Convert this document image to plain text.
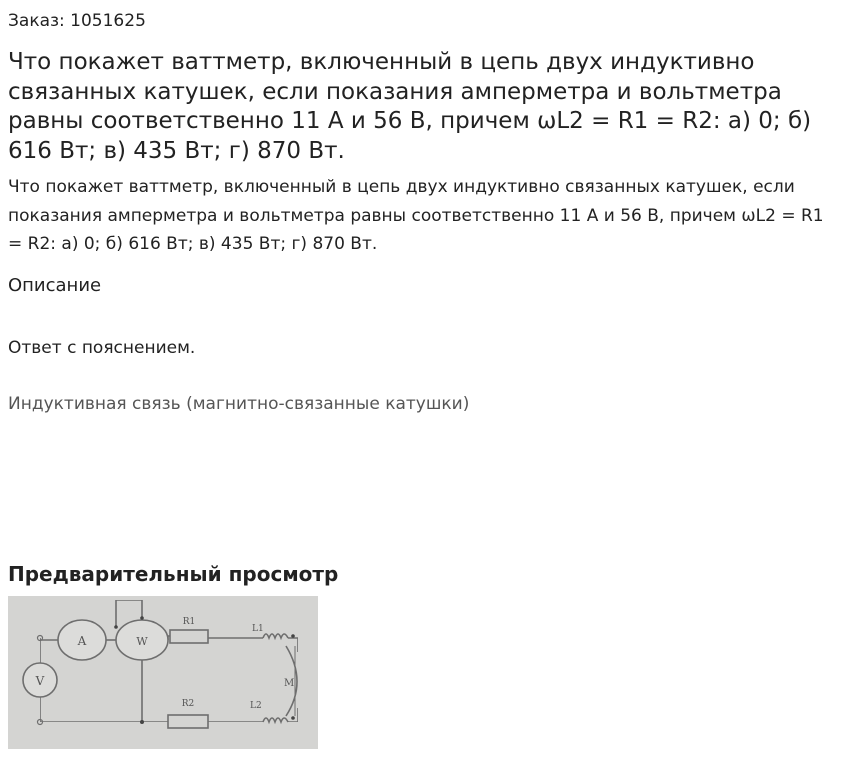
Заказ: 1051625
Что покажет ваттметр, включенный в цепь двух индуктивно связанных катушек, если показания амперметра и вольтметра равны соответственно 11 А и 56 В, причем ωL2 = R1 = R2: а) 0; б) 616 Вт; в) 435 Вт; г) 870 Вт.

Что покажет ваттметр, включенный в цепь двух индуктивно связанных катушек, если показания амперметра и вольтметра равны соответственно 11 А и 56 В, причем ωL2 = R1 = R2: а) 0; б) 616 Вт; в) 435 Вт; г) 870 Вт.

Описание
Ответ с пояснением.
Индуктивная связь (магнитно-связанные катушки)
Предварительный просмотр
V
A	W
R1
L1
M
R2	L2
